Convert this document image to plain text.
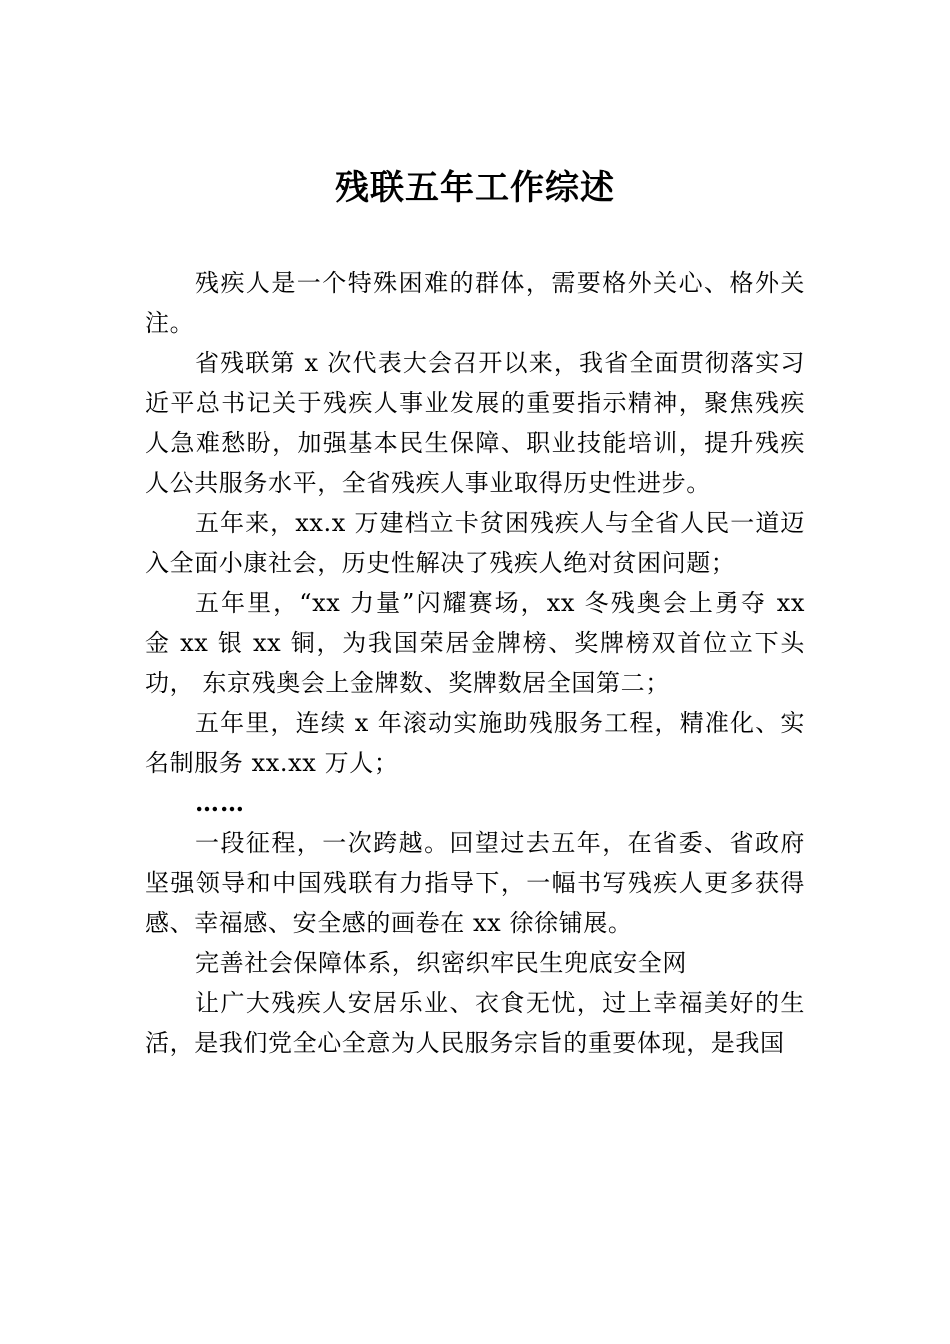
残联五年工作综述

残疾人是一个特殊困难的群体，需要格外关心、格外关注。

省残联第 x 次代表大会召开以来，我省全面贯彻落实习近平总书记关于残疾人事业发展的重要指示精神，聚焦残疾人急难愁盼，加强基本民生保障、职业技能培训，提升残疾人公共服务水平，全省残疾人事业取得历史性进步。

五年来，xx.x 万建档立卡贫困残疾人与全省人民一道迈入全面小康社会，历史性解决了残疾人绝对贫困问题；

五年里，“xx 力量”闪耀赛场，xx 冬残奥会上勇夺 xx 金 xx 银 xx 铜，为我国荣居金牌榜、奖牌榜双首位立下头功， 东京残奥会上金牌数、奖牌数居全国第二；

五年里，连续 x 年滚动实施助残服务工程，精准化、实名制服务 xx.xx 万人；

……

一段征程，一次跨越。回望过去五年，在省委、省政府坚强领导和中国残联有力指导下，一幅书写残疾人更多获得感、幸福感、安全感的画卷在 xx 徐徐铺展。

完善社会保障体系，织密织牢民生兜底安全网

让广大残疾人安居乐业、衣食无忧，过上幸福美好的生活，是我们党全心全意为人民服务宗旨的重要体现，是我国
